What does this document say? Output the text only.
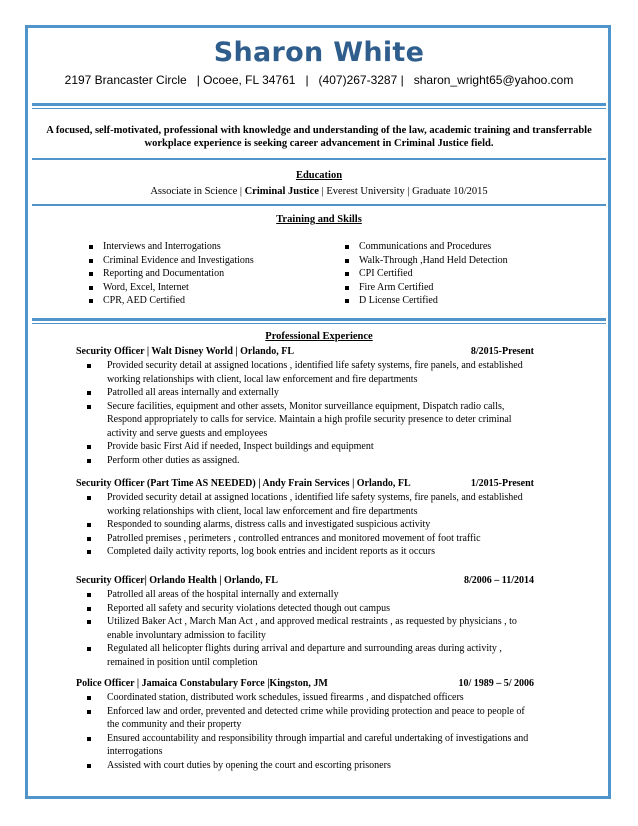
Sharon White
2197 Brancaster Circle   | Ocoee, FL 34761   |   (407)267-3287 |   sharon_wright65@yahoo.com
A focused, self-motivated, professional with knowledge and understanding of the law, academic training and transferrable workplace experience is seeking career advancement in Criminal Justice field.
Education
Associate in Science | Criminal Justice | Everest University | Graduate 10/2015
Training and Skills
Interviews and Interrogations
Criminal Evidence and Investigations
Reporting and Documentation
Word, Excel, Internet
CPR, AED Certified
Communications and Procedures
Walk-Through ,Hand Held Detection
CPI Certified
Fire Arm Certified
D License Certified
Professional Experience
Security Officer | Walt Disney World | Orlando, FL	8/2015-Present
Provided security detail at assigned locations , identified life safety systems, fire panels, and established working relationships with client, local law enforcement and fire departments
Patrolled all areas internally and externally
Secure facilities, equipment and other assets, Monitor surveillance equipment, Dispatch radio calls, Respond appropriately to calls for service. Maintain a high profile security presence to deter criminal activity and serve guests and employees
Provide basic First Aid if needed, Inspect buildings and equipment
Perform other duties as assigned.
Security Officer (Part Time AS NEEDED) | Andy Frain Services | Orlando, FL	1/2015-Present
Provided security detail at assigned locations , identified life safety systems, fire panels, and established working relationships with client, local law enforcement and fire departments
Responded to sounding alarms, distress calls and investigated suspicious activity
Patrolled premises , perimeters , controlled entrances and monitored movement of foot traffic
Completed daily activity reports, log book entries and incident reports as it occurs
Security Officer| Orlando Health | Orlando, FL	8/2006 – 11/2014
Patrolled all areas of the hospital internally and externally
Reported all safety and security violations detected though out campus
Utilized Baker Act , March Man Act , and approved medical restraints , as requested by physicians , to enable involuntary admission to facility
Regulated all helicopter flights during arrival and departure and surrounding areas during activity , remained in position until completion
Police Officer | Jamaica Constabulary Force |Kingston, JM	10/ 1989 – 5/ 2006
Coordinated station, distributed work schedules, issued firearms , and dispatched officers
Enforced law and order, prevented and detected crime while providing protection and peace to people of the community and their property
Ensured accountability and responsibility through impartial and careful undertaking of investigations and interrogations
Assisted with court duties by opening the court and escorting prisoners
